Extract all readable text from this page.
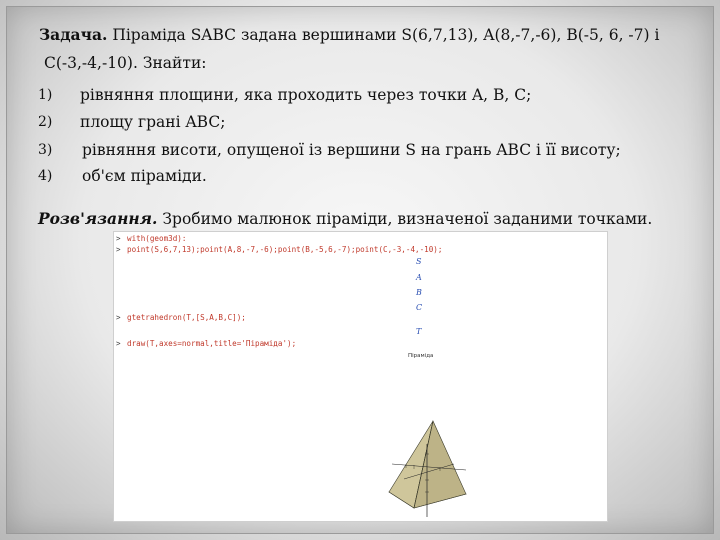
Задача. Піраміда SABC задана вершинами S(6,7,13), A(8,-7,-6), B(-5, 6, -7) і
C(-3,-4,-10). Знайти:
1) рівняння площини, яка проходить через точки A, B, C;
2) площу грані ABC;
3) рівняння висоти, опущеної із вершини S на грань ABC і її висоту;
4) об'єм піраміди.
Розв'язання. Зробимо малюнок піраміди, визначеної заданими точками.
> with(geom3d):
> point(S,6,7,13);point(A,8,-7,-6);point(B,-5,6,-7);point(C,-3,-4,-10);
S
A
B
C
> gtetrahedron(T,[S,A,B,C]);
T
> draw(T,axes=normal,title='Піраміда');
Піраміда
